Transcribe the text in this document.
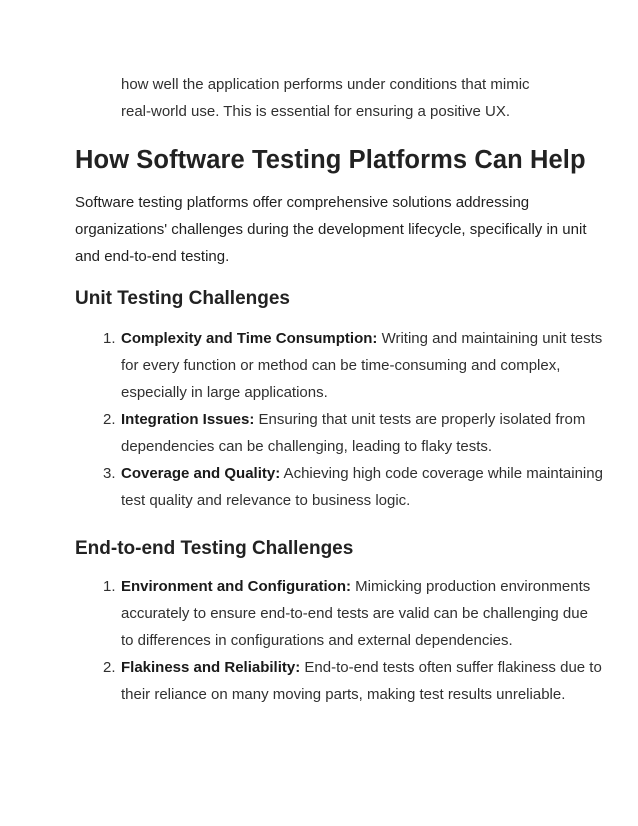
how well the application performs under conditions that mimic
real-world use. This is essential for ensuring a positive UX.
How Software Testing Platforms Can Help
Software testing platforms offer comprehensive solutions addressing
organizations' challenges during the development lifecycle, specifically in unit
and end-to-end testing.
Unit Testing Challenges
1. Complexity and Time Consumption: Writing and maintaining unit tests
for every function or method can be time-consuming and complex,
especially in large applications.
2. Integration Issues: Ensuring that unit tests are properly isolated from
dependencies can be challenging, leading to flaky tests.
3. Coverage and Quality: Achieving high code coverage while maintaining
test quality and relevance to business logic.
End-to-end Testing Challenges
1. Environment and Configuration: Mimicking production environments
accurately to ensure end-to-end tests are valid can be challenging due
to differences in configurations and external dependencies.
2. Flakiness and Reliability: End-to-end tests often suffer flakiness due to
their reliance on many moving parts, making test results unreliable.
